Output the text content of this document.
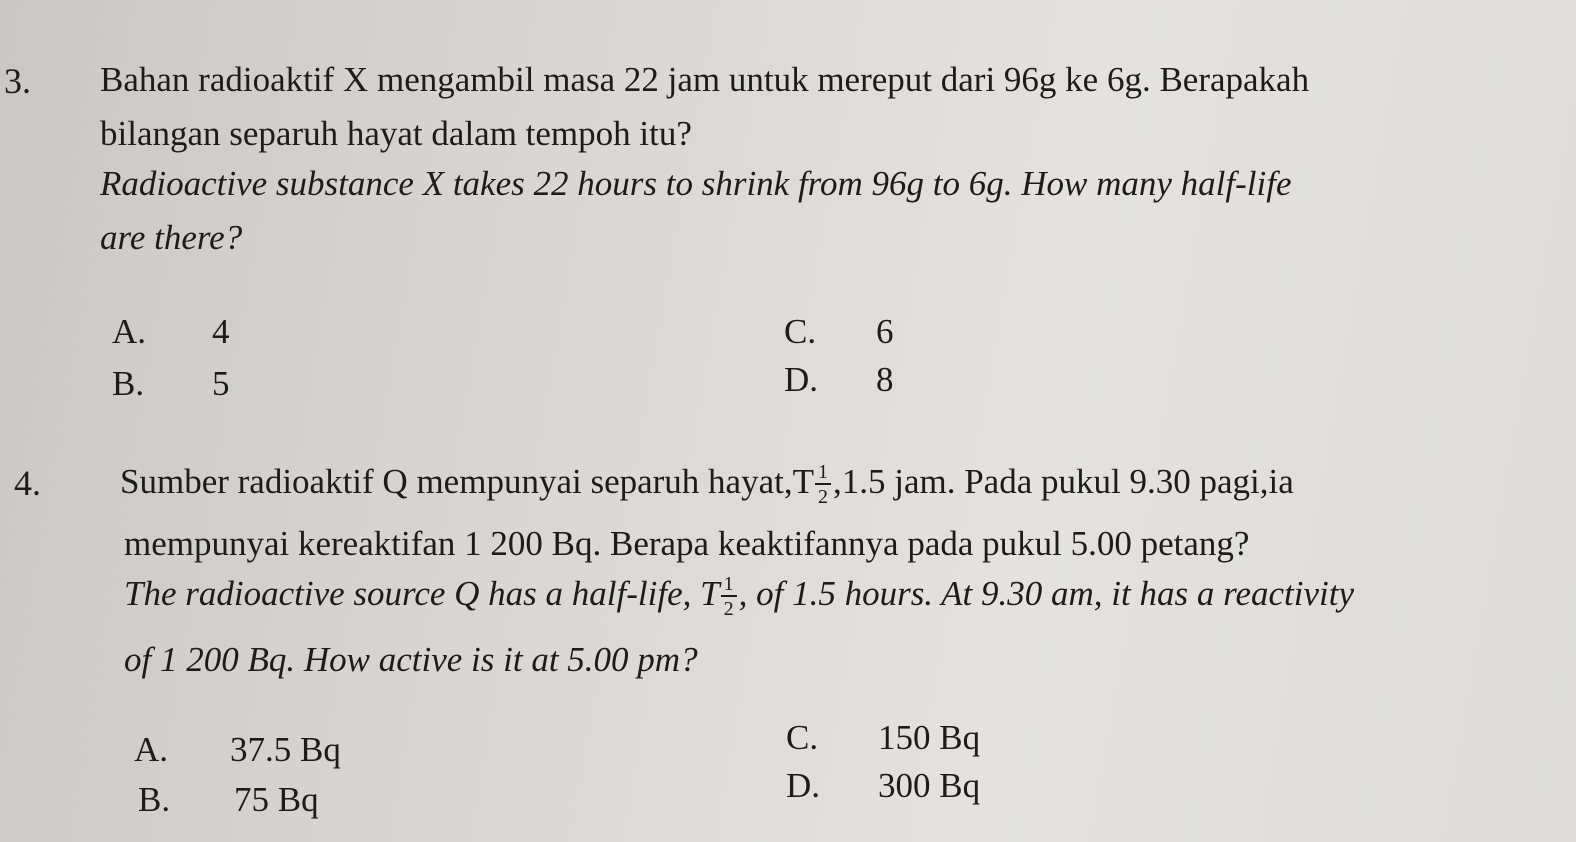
3. Bahan radioaktif X mengambil masa 22 jam untuk mereput dari 96g ke 6g. Berapakah
bilangan separuh hayat dalam tempoh itu?
Radioactive substance X takes 22 hours to shrink from 96g to 6g. How many half-life
are there?
A. 4
B. 5
C. 6
D. 8
4. Sumber radioaktif Q mempunyai separuh hayat,T $\frac{1}{2} ,1.5$ jam. Pada pukul 9.30 pagi,ia
mempunyai kereaktifan 1 200 Bq. Berapa keaktifannya pada pukul 5.00 petang?
The radioactive source Q has a half-life, T $\frac{1}{2}$ , of 1.5 hours. At 9.30 am, it has a reactivity
of 1 200 Bq. How active is it at 5.00 pm?
A. 37.5 Bq
B. 75 Bq
C. 150 Bq
D. 300 Bq
